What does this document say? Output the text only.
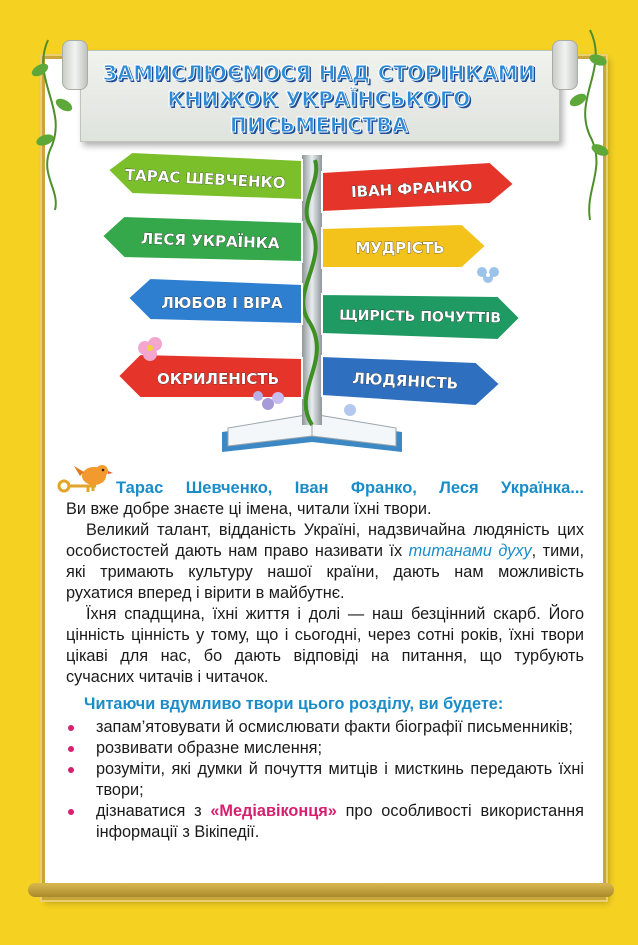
ЗАМИСЛЮЄМОСЯ НАД СТОРІНКАМИ
КНИЖОК УКРАЇНСЬКОГО ПИСЬМЕНСТВА
ТАРАС ШЕВЧЕНКО
ЛЕСЯ УКРАЇНКА
ЛЮБОВ І ВІРА
ОКРИЛЕНІСТЬ
ІВАН ФРАНКО
МУДРІСТЬ
ЩИРІСТЬ ПОЧУТТІВ
ЛЮДЯНІСТЬ

Тарас Шевченко, Іван Франко, Леся Українка...

Ви вже добре знаєте ці імена, читали їхні твори.

Великий талант, відданість Україні, надзвичайна людяність цих особистостей дають нам право називати їх титанами духу, тими, які тримають культуру нашої країни, дають нам можливість рухатися вперед і вірити в майбутнє.

Їхня спадщина, їхні життя і долі — наш безцінний скарб. Його цінність цінність у тому, що і сьогодні, через сотні років, їхні твори цікаві для нас, бо дають відповіді на питання, що турбують сучасних читачів і читачок.

Читаючи вдумливо твори цього розділу, ви будете:

запам’ятовувати й осмислювати факти біографії письменників;
розвивати образне мислення;
розуміти, які думки й почуття митців і мисткинь передають їхні твори;
дізнаватися з «Медіавіконця» про особливості використання інформації з Вікіпедії.
